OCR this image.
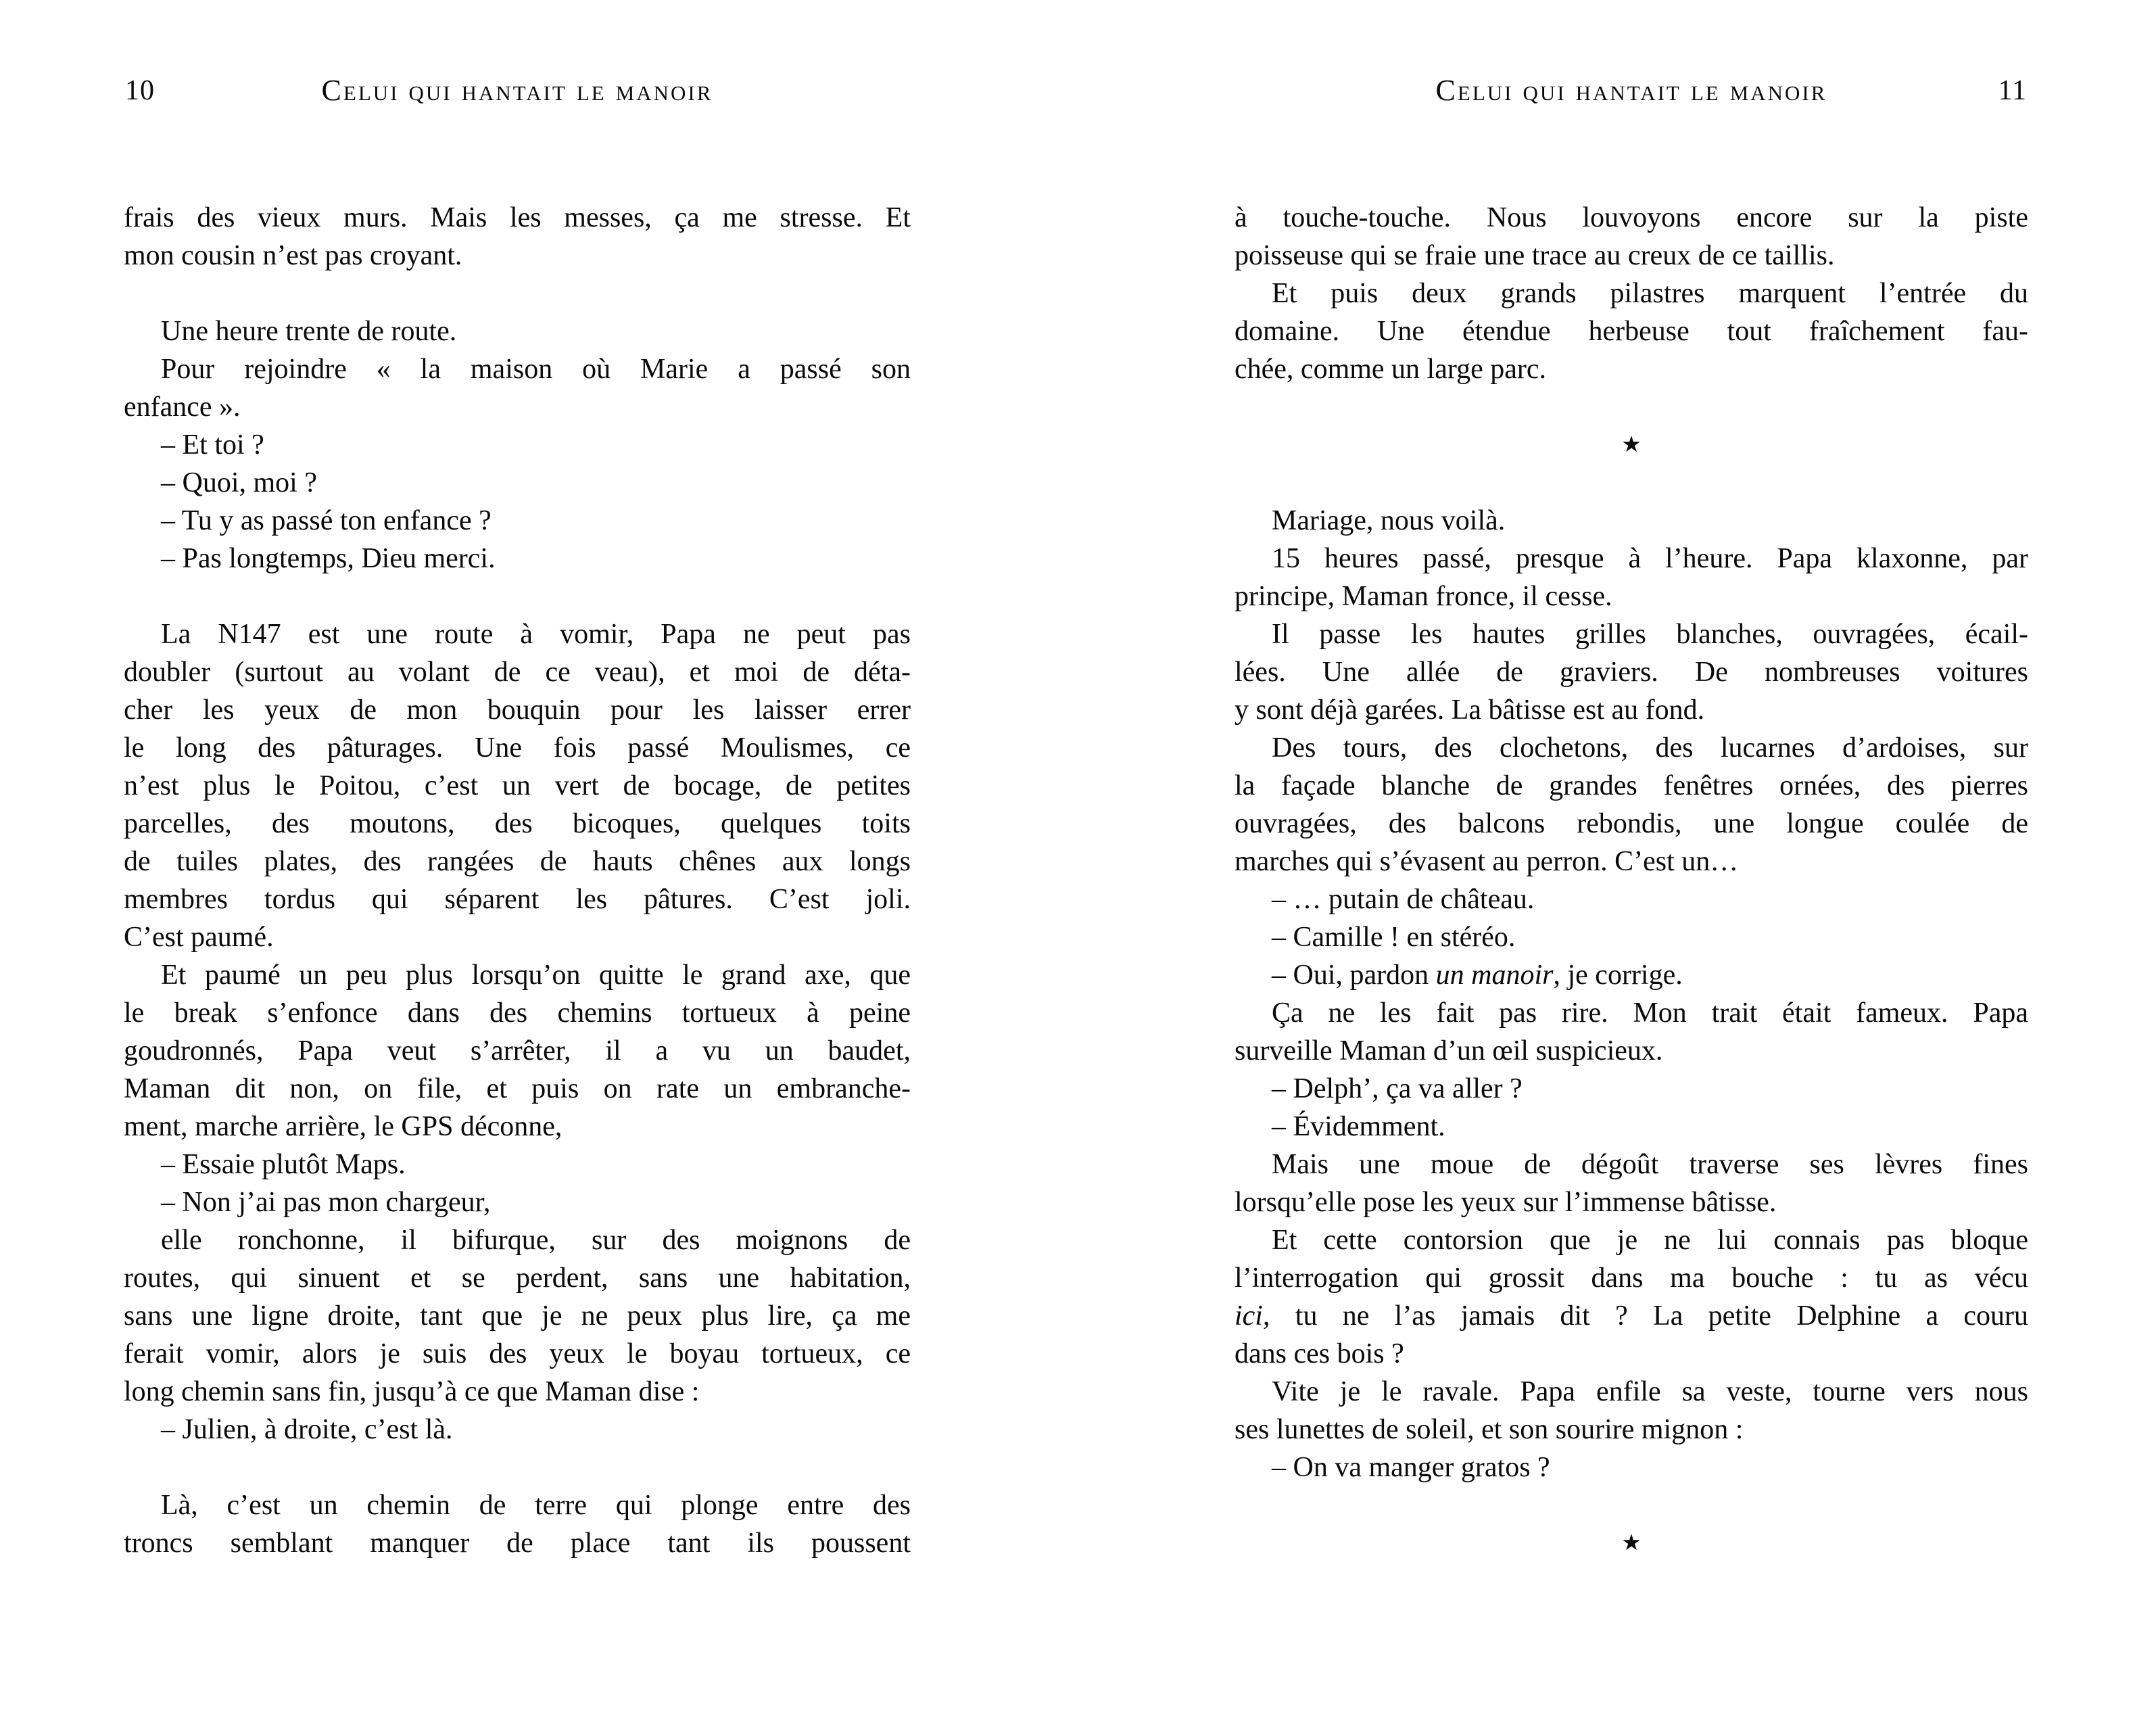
10	Celui qui hantait le manoir
frais des vieux murs. Mais les messes, ça me stresse. Et
mon cousin n’est pas croyant.
Une heure trente de route.
Pour rejoindre « la maison où Marie a passé son
enfance ».
– Et toi ?
– Quoi, moi ?
– Tu y as passé ton enfance ?
– Pas longtemps, Dieu merci.
La N147 est une route à vomir, Papa ne peut pas
doubler (surtout au volant de ce veau), et moi de déta-
cher les yeux de mon bouquin pour les laisser errer
le long des pâturages. Une fois passé Moulismes, ce
n’est plus le Poitou, c’est un vert de bocage, de petites
parcelles, des moutons, des bicoques, quelques toits
de tuiles plates, des rangées de hauts chênes aux longs
membres tordus qui séparent les pâtures. C’est joli.
C’est paumé.
Et paumé un peu plus lorsqu’on quitte le grand axe, que
le break s’enfonce dans des chemins tortueux à peine
goudronnés, Papa veut s’arrêter, il a vu un baudet,
Maman dit non, on file, et puis on rate un embranche-
ment, marche arrière, le GPS déconne,
– Essaie plutôt Maps.
– Non j’ai pas mon chargeur,
elle ronchonne, il bifurque, sur des moignons de
routes, qui sinuent et se perdent, sans une habitation,
sans une ligne droite, tant que je ne peux plus lire, ça me
ferait vomir, alors je suis des yeux le boyau tortueux, ce
long chemin sans fin, jusqu’à ce que Maman dise :
– Julien, à droite, c’est là.
Là, c’est un chemin de terre qui plonge entre des
troncs semblant manquer de place tant ils poussent
Celui qui hantait le manoir	11
à touche-touche. Nous louvoyons encore sur la piste
poisseuse qui se fraie une trace au creux de ce taillis.
Et puis deux grands pilastres marquent l’entrée du
domaine. Une étendue herbeuse tout fraîchement fau-
chée, comme un large parc.
★
Mariage, nous voilà.
15 heures passé, presque à l’heure. Papa klaxonne, par
principe, Maman fronce, il cesse.
Il passe les hautes grilles blanches, ouvragées, écail-
lées. Une allée de graviers. De nombreuses voitures
y sont déjà garées. La bâtisse est au fond.
Des tours, des clochetons, des lucarnes d’ardoises, sur
la façade blanche de grandes fenêtres ornées, des pierres
ouvragées, des balcons rebondis, une longue coulée de
marches qui s’évasent au perron. C’est un…
– … putain de château.
– Camille ! en stéréo.
– Oui, pardon un manoir, je corrige.
Ça ne les fait pas rire. Mon trait était fameux. Papa
surveille Maman d’un œil suspicieux.
– Delph’, ça va aller ?
– Évidemment.
Mais une moue de dégoût traverse ses lèvres fines
lorsqu’elle pose les yeux sur l’immense bâtisse.
Et cette contorsion que je ne lui connais pas bloque
l’interrogation qui grossit dans ma bouche : tu as vécu
ici, tu ne l’as jamais dit ? La petite Delphine a couru
dans ces bois ?
Vite je le ravale. Papa enfile sa veste, tourne vers nous
ses lunettes de soleil, et son sourire mignon :
– On va manger gratos ?
★
